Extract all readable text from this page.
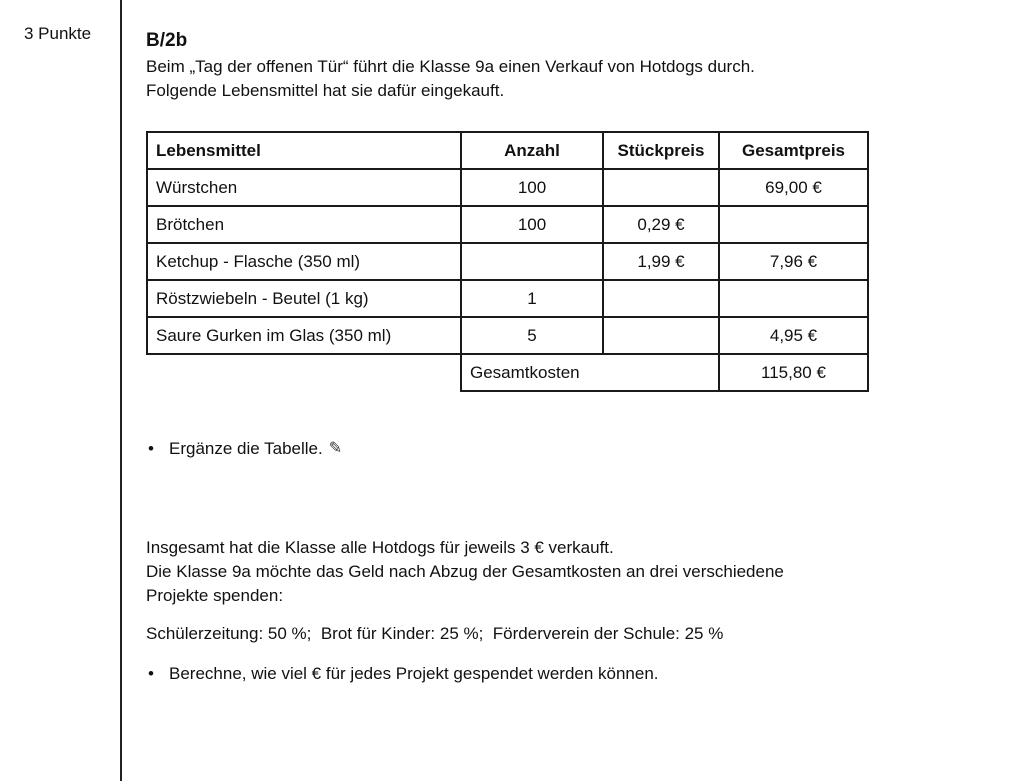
3 Punkte	B/2b

Beim „Tag der offenen Tür“ führt die Klasse 9a einen Verkauf von Hotdogs durch.

Folgende Lebensmittel hat sie dafür eingekauft.

Lebensmittel	Anzahl	Stückpreis	Gesamtpreis
Würstchen	100		69,00 €
Brötchen	100	0,29 €	
Ketchup - Flasche (350 ml)		1,99 €	7,96 €
Röstzwiebeln - Beutel (1 kg)	1		
Saure Gurken im Glas (350 ml)	5		4,95 €
	Gesamtkosten		115,80 €
• Ergänze die Tabelle. ✎

Insgesamt hat die Klasse alle Hotdogs für jeweils 3 € verkauft.

Die Klasse 9a möchte das Geld nach Abzug der Gesamtkosten an drei verschiedene

Projekte spenden:

Schülerzeitung: 50 %;  Brot für Kinder: 25 %;  Förderverein der Schule: 25 %
• Berechne, wie viel € für jedes Projekt gespendet werden können.
